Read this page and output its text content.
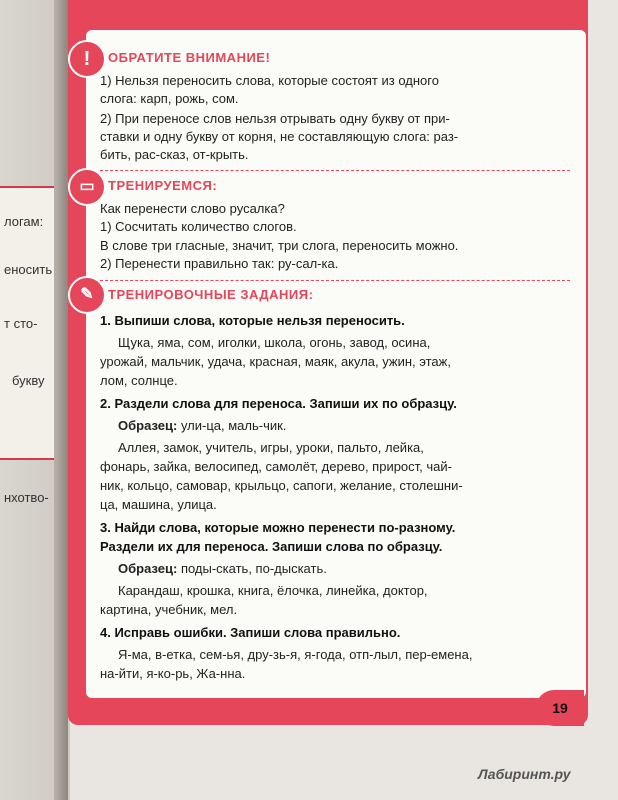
логам:
еносить
т сто-
букву
нхотво-
!	ОБРАТИТЕ ВНИМАНИЕ!
1) Нельзя переносить слова, которые состоят из одного
слога: карп, рожь, сом.
2) При переносе слов нельзя отрывать одну букву от при-
ставки и одну букву от корня, не составляющую слога: раз-
бить, рас-сказ, от-крыть.
▭	ТРЕНИРУЕМСЯ:
Как перенести слово русалка?
1) Сосчитать количество слогов.
В слове три гласные, значит, три слога, переносить можно.
2) Перенести правильно так: ру-сал-ка.
✎	ТРЕНИРОВОЧНЫЕ ЗАДАНИЯ:
1. Выпиши слова, которые нельзя переносить.
Щука, яма, сом, иголки, школа, огонь, завод, осина,
урожай, мальчик, удача, красная, маяк, акула, ужин, этаж,
лом, солнце.
2. Раздели слова для переноса. Запиши их по образцу.
Образец: ули-ца, маль-чик.
Аллея, замок, учитель, игры, уроки, пальто, лейка,
фонарь, зайка, велосипед, самолёт, дерево, прирост, чай-
ник, кольцо, самовар, крыльцо, сапоги, желание, столешни-
ца, машина, улица.
3. Найди слова, которые можно перенести по-разному.
Раздели их для переноса. Запиши слова по образцу.
Образец: поды-скать, по-дыскать.
Карандаш, крошка, книга, ёлочка, линейка, доктор,
картина, учебник, мел.
4. Исправь ошибки. Запиши слова правильно.
Я-ма, в-етка, сем-ья, дру-зь-я, я-года, отп-лыл, пер-емена,
на-йти, я-ко-рь, Жа-нна.
19
Лабиринт.ру
